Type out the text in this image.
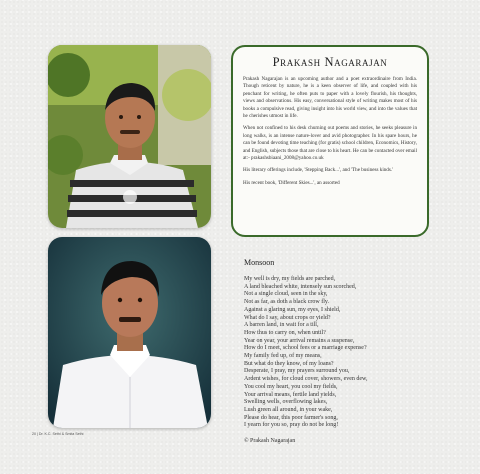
Prakash Nagarajan

Prakash Nagarajan is an upcoming author and a poet extraordinaire from India. Though reticent by nature, he is a keen observer of life, and coupled with his penchant for writing, he often puts to paper with a lovely flourish, his thoughts, views and observations. His easy, conversational style of writing makes most of his books a compulsive read, giving insight into his world view, and into the values that he cherishes utmost in life.

When not confined to his desk churning out poems and stories, he seeks pleasure in long walks, is an intense nature-lover and avid photographer. In his spare hours, he can be found devoting time teaching (for gratis) school children, Economics, History, and English, subjects those that are close to his heart. He can be contacted over email at:- prakashsbiaani_2008@yahoo.co.uk

His literary offerings include, 'Stepping Back...', and 'The business kinds.'

His recent book, 'Different Skies...', an assorted

Monsoon
My well is dry, my fields are parched,
A land bleached white, intensely sun scorched,
Not a single cloud, seen in the sky,
Not as far, as doth a black crow fly.
Against a glaring sun, my eyes, I shield,
What do I say, about crops or yield?
A barren land, in wait for a till,
How thus to carry on, when until?
Year on year, your arrival remains a suspense,
How do I meet, school fees or a marriage expense?
My family fed up, of my means,
But what do they know, of my loans?
Desperate, I pray, my prayers surround you,
Ardent wishes, for cloud cover, showers, even dew,
You cool my heart, you cool my fields,
Your arrival means, fertile land yields,
Swelling wells, overflowing lakes,
Lush green all around, in your wake,
Please do hear, this poor farmer's song,
I yearn for you so, pray do not be long!
© Prakash Nagarajan
20 | Dr. K.C. Sethi & Smita Sethi
